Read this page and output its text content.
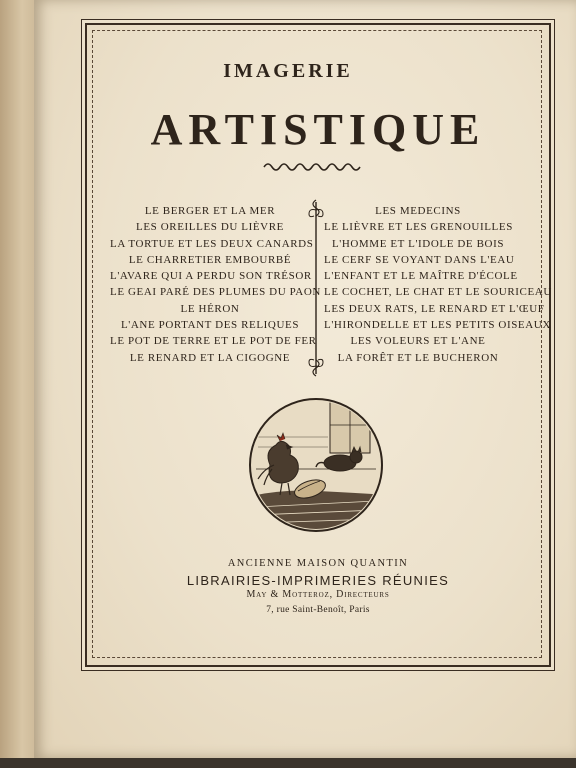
IMAGERIE
ARTISTIQUE
LE BERGER ET LA MER
LES OREILLES DU LIÈVRE
LA TORTUE ET LES DEUX CANARDS
LE CHARRETIER EMBOURBÉ
L'AVARE QUI A PERDU SON TRÉSOR
LE GEAI PARÉ DES PLUMES DU PAON
LE HÉRON
L'ANE PORTANT DES RELIQUES
LE POT DE TERRE ET LE POT DE FER
LE RENARD ET LA CIGOGNE
LES MEDECINS
LE LIÈVRE ET LES GRENOUILLES
L'HOMME ET L'IDOLE DE BOIS
LE CERF SE VOYANT DANS L'EAU
L'ENFANT ET LE MAÎTRE D'ÉCOLE
LE COCHET, LE CHAT ET LE SOURICEAU
LES DEUX RATS, LE RENARD ET L'ŒUF
L'HIRONDELLE ET LES PETITS OISEAUX
LES VOLEURS ET L'ANE
LA FORÊT ET LE BUCHERON
ANCIENNE MAISON QUANTIN
LIBRAIRIES-IMPRIMERIES RÉUNIES
May & Motteroz, Directeurs
7, rue Saint-Benoît, Paris
